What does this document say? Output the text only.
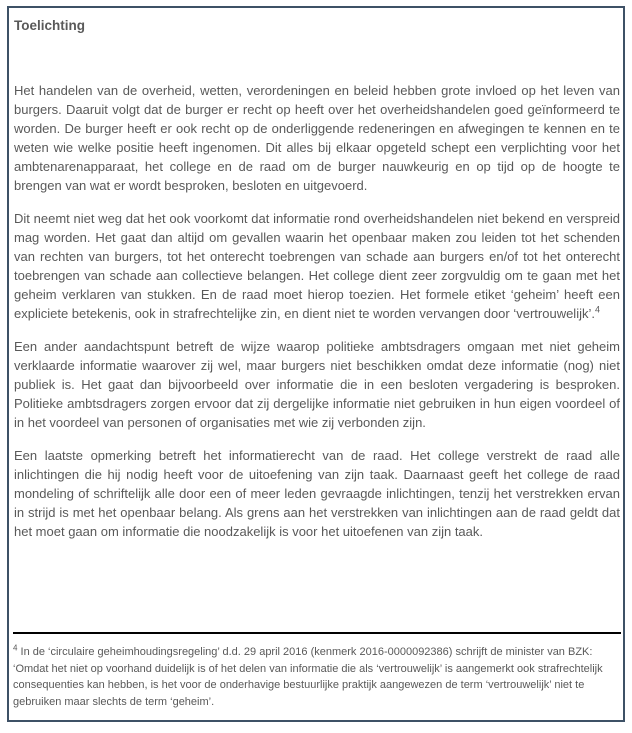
Toelichting

Het handelen van de overheid, wetten, verordeningen en beleid hebben grote invloed op het leven van burgers. Daaruit volgt dat de burger er recht op heeft over het overheidshandelen goed geïnformeerd te worden. De burger heeft er ook recht op de onderliggende redeneringen en afwegingen te kennen en te weten wie welke positie heeft ingenomen. Dit alles bij elkaar opgeteld schept een verplichting voor het ambtenarenapparaat, het college en de raad om de burger nauwkeurig en op tijd op de hoogte te brengen van wat er wordt besproken, besloten en uitgevoerd.

Dit neemt niet weg dat het ook voorkomt dat informatie rond overheidshandelen niet bekend en verspreid mag worden. Het gaat dan altijd om gevallen waarin het openbaar maken zou leiden tot het schenden van rechten van burgers, tot het onterecht toebrengen van schade aan burgers en/of tot het onterecht toebrengen van schade aan collectieve belangen. Het college dient zeer zorgvuldig om te gaan met het geheim verklaren van stukken. En de raad moet hierop toezien. Het formele etiket ‘geheim’ heeft een expliciete betekenis, ook in strafrechtelijke zin, en dient niet te worden vervangen door ‘vertrouwelijk’.$^4$

Een ander aandachtspunt betreft de wijze waarop politieke ambtsdragers omgaan met niet geheim verklaarde informatie waarover zij wel, maar burgers niet beschikken omdat deze informatie (nog) niet publiek is. Het gaat dan bijvoorbeeld over informatie die in een besloten vergadering is besproken. Politieke ambtsdragers zorgen ervoor dat zij dergelijke informatie niet gebruiken in hun eigen voordeel of in het voordeel van personen of organisaties met wie zij verbonden zijn.

Een laatste opmerking betreft het informatierecht van de raad. Het college verstrekt de raad alle inlichtingen die hij nodig heeft voor de uitoefening van zijn taak. Daarnaast geeft het college de raad mondeling of schriftelijk alle door een of meer leden gevraagde inlichtingen, tenzij het verstrekken ervan in strijd is met het openbaar belang. Als grens aan het verstrekken van inlichtingen aan de raad geldt dat het moet gaan om informatie die noodzakelijk is voor het uitoefenen van zijn taak.

$^4$ In de ‘circulaire geheimhoudingsregeling’ d.d. 29 april 2016 (kenmerk 2016-0000092386) schrijft de minister van BZK: ‘Omdat het niet op voorhand duidelijk is of het delen van informatie die als ‘vertrouwelijk’ is aangemerkt ook strafrechtelijk consequenties kan hebben, is het voor de onderhavige bestuurlijke praktijk aangewezen de term ‘vertrouwelijk’ niet te gebruiken maar slechts de term ‘geheim’.
